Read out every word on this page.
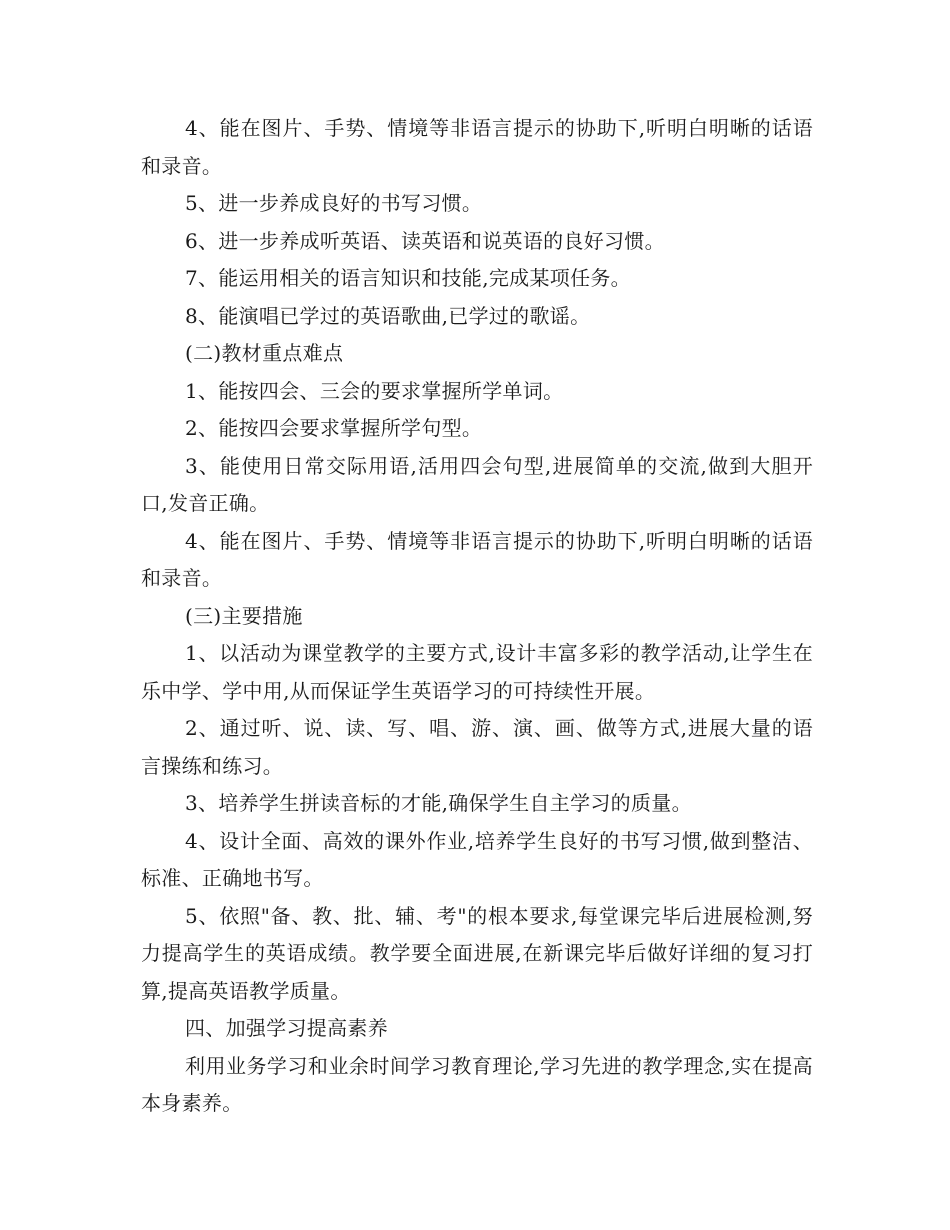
4、能在图片、手势、情境等非语言提示的协助下,听明白明晰的话语和录音。

5、进一步养成良好的书写习惯。

6、进一步养成听英语、读英语和说英语的良好习惯。

7、能运用相关的语言知识和技能,完成某项任务。

8、能演唱已学过的英语歌曲,已学过的歌谣。

(二)教材重点难点

1、能按四会、三会的要求掌握所学单词。

2、能按四会要求掌握所学句型。

3、能使用日常交际用语,活用四会句型,进展简单的交流,做到大胆开口,发音正确。

4、能在图片、手势、情境等非语言提示的协助下,听明白明晰的话语和录音。

(三)主要措施

1、以活动为课堂教学的主要方式,设计丰富多彩的教学活动,让学生在乐中学、学中用,从而保证学生英语学习的可持续性开展。

2、通过听、说、读、写、唱、游、演、画、做等方式,进展大量的语言操练和练习。

3、培养学生拼读音标的才能,确保学生自主学习的质量。

4、设计全面、高效的课外作业,培养学生良好的书写习惯,做到整洁、标准、正确地书写。

5、依照"备、教、批、辅、考"的根本要求,每堂课完毕后进展检测,努力提高学生的英语成绩。教学要全面进展,在新课完毕后做好详细的复习打算,提高英语教学质量。

四、加强学习提高素养

利用业务学习和业余时间学习教育理论,学习先进的教学理念,实在提高本身素养。
